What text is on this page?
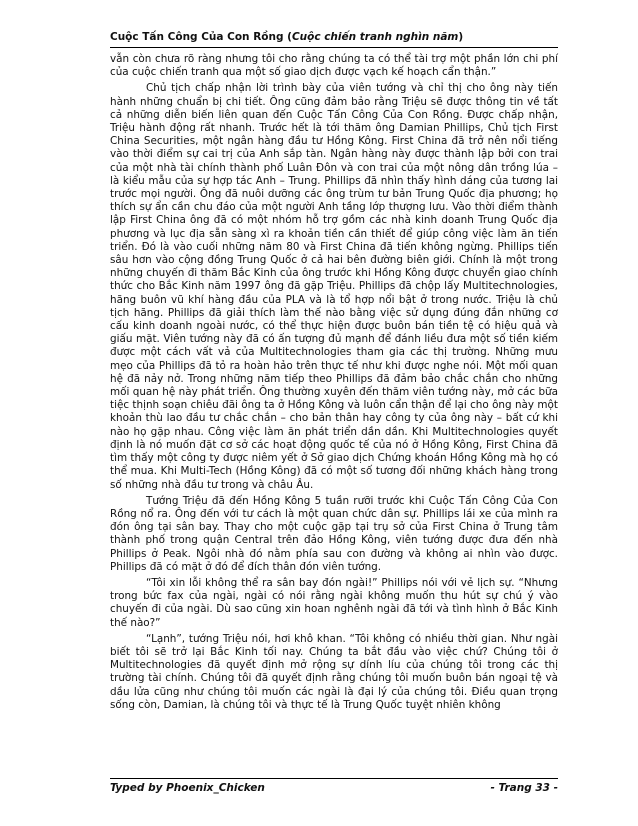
Cuộc Tấn Công Của Con Rồng (Cuộc chiến tranh nghìn năm)

vẫn còn chưa rõ ràng nhưng tôi cho rằng chúng ta có thể tài trợ một phần lớn chi phí của cuộc chiến tranh qua một số giao dịch được vạch kế hoạch cẩn thận.”

Chủ tịch chấp nhận lời trình bày của viên tướng và chỉ thị cho ông này tiến hành những chuẩn bị chi tiết. Ông cũng đảm bảo rằng Triệu sẽ được thông tin về tất cả những diễn biến liên quan đến Cuộc Tấn Công Của Con Rồng. Được chấp nhận, Triệu hành động rất nhanh. Trước hết là tới thăm ông Damian Phillips, Chủ tịch First China Securities, một ngân hàng đầu tư Hồng Kông. First China đã trở nên nổi tiếng vào thời điểm sự cai trị của Anh sắp tàn. Ngân hàng này được thành lập bởi con trai của một nhà tài chính thành phố Luân Đôn và con trai của một nông dân trồng lúa – là kiểu mẫu của sự hợp tác Anh – Trung. Phillips đã nhìn thấy hình dáng của tương lai trước mọi người. Ông đã nuôi dưỡng các ông trùm tư bản Trung Quốc địa phương; họ thích sự ẩn cần chu đáo của một người Anh tầng lớp thượng lưu. Vào thời điểm thành lập First China ông đã có một nhóm hỗ trợ gồm các nhà kinh doanh Trung Quốc địa phương và lục địa sẵn sàng xì ra khoản tiền cần thiết để giúp công việc làm ăn tiến triển. Đó là vào cuối những năm 80 và First China đã tiến không ngừng. Phillips tiến sâu hơn vào cộng đồng Trung Quốc ở cả hai bên đường biên giới. Chính là một trong những chuyến đi thăm Bắc Kinh của ông trước khi Hồng Kông được chuyển giao chính thức cho Bắc Kinh năm 1997 ông đã gặp Triệu. Phillips đã chộp lấy Multitechnologies, hãng buôn vũ khí hàng đầu của PLA và là tổ hợp nổi bật ở trong nước. Triệu là chủ tịch hãng. Phillips đã giải thích làm thế nào bằng việc sử dụng đúng đắn những cơ cấu kinh doanh ngoài nước, có thể thực hiện được buôn bán tiền tệ có hiệu quả và giấu mặt. Viên tướng này đã có ấn tượng đủ mạnh để đánh liều đưa một số tiền kiếm được một cách vất vả của Multitechnologies tham gia các thị trường. Những mưu mẹo của Phillips đã tỏ ra hoàn hảo trên thực tế như khi được nghe nói. Một mối quan hệ đã nảy nở. Trong những năm tiếp theo Phillips đã đảm bảo chắc chắn cho những mối quan hệ này phát triển. Ông thường xuyên đến thăm viên tướng này, mở các bữa tiệc thịnh soạn chiêu đãi ông ta ở Hồng Kông và luôn cẩn thận để lại cho ông này một khoản thù lao đầu tư chắc chắn – cho bản thân hay công ty của ông này – bất cứ khi nào họ gặp nhau. Công việc làm ăn phát triển dần dần. Khi Multitechnologies quyết định là nó muốn đặt cơ sở các hoạt động quốc tế của nó ở Hồng Kông, First China đã tìm thấy một công ty được niêm yết ở Sở giao dịch Chứng khoán Hồng Kông mà họ có thể mua. Khi Multi-Tech (Hồng Kông) đã có một số tương đối những khách hàng trong số những nhà đầu tư trong và châu Âu.

Tướng Triệu đã đến Hồng Kông 5 tuần rưỡi trước khi Cuộc Tấn Công Của Con Rồng nổ ra. Ông đến với tư cách là một quan chức dân sự. Phillips lái xe của mình ra đón ông tại sân bay. Thay cho một cuộc gặp tại trụ sở của First China ở Trung tâm thành phố trong quận Central trên đảo Hồng Kông, viên tướng được đưa đến nhà Phillips ở Peak. Ngôi nhà đó nằm phía sau con đường và không ai nhìn vào được. Phillips đã có mặt ở đó để đích thân đón viên tướng.

“Tôi xin lỗi không thể ra sân bay đón ngài!” Phillips nói với vẻ lịch sự. “Nhưng trong bức fax của ngài, ngài có nói rằng ngài không muốn thu hút sự chú ý vào chuyến đi của ngài. Dù sao cũng xin hoan nghênh ngài đã tới và tình hình ở Bắc Kinh thế nào?”

“Lạnh”, tướng Triệu nói, hơi khô khan. “Tôi không có nhiều thời gian. Như ngài biết tôi sẽ trở lại Bắc Kinh tối nay. Chúng ta bắt đầu vào việc chứ? Chúng tôi ở Multitechnologies đã quyết định mở rộng sự dính líu của chúng tôi trong các thị trường tài chính. Chúng tôi đã quyết định rằng chúng tôi muốn buôn bán ngoại tệ và dầu lửa cũng như chúng tôi muốn các ngài là đại lý của chúng tôi. Điều quan trọng sống còn, Damian, là chúng tôi và thực tế là Trung Quốc tuyệt nhiên không

Typed by Phoenix_Chicken	- Trang 33 -
